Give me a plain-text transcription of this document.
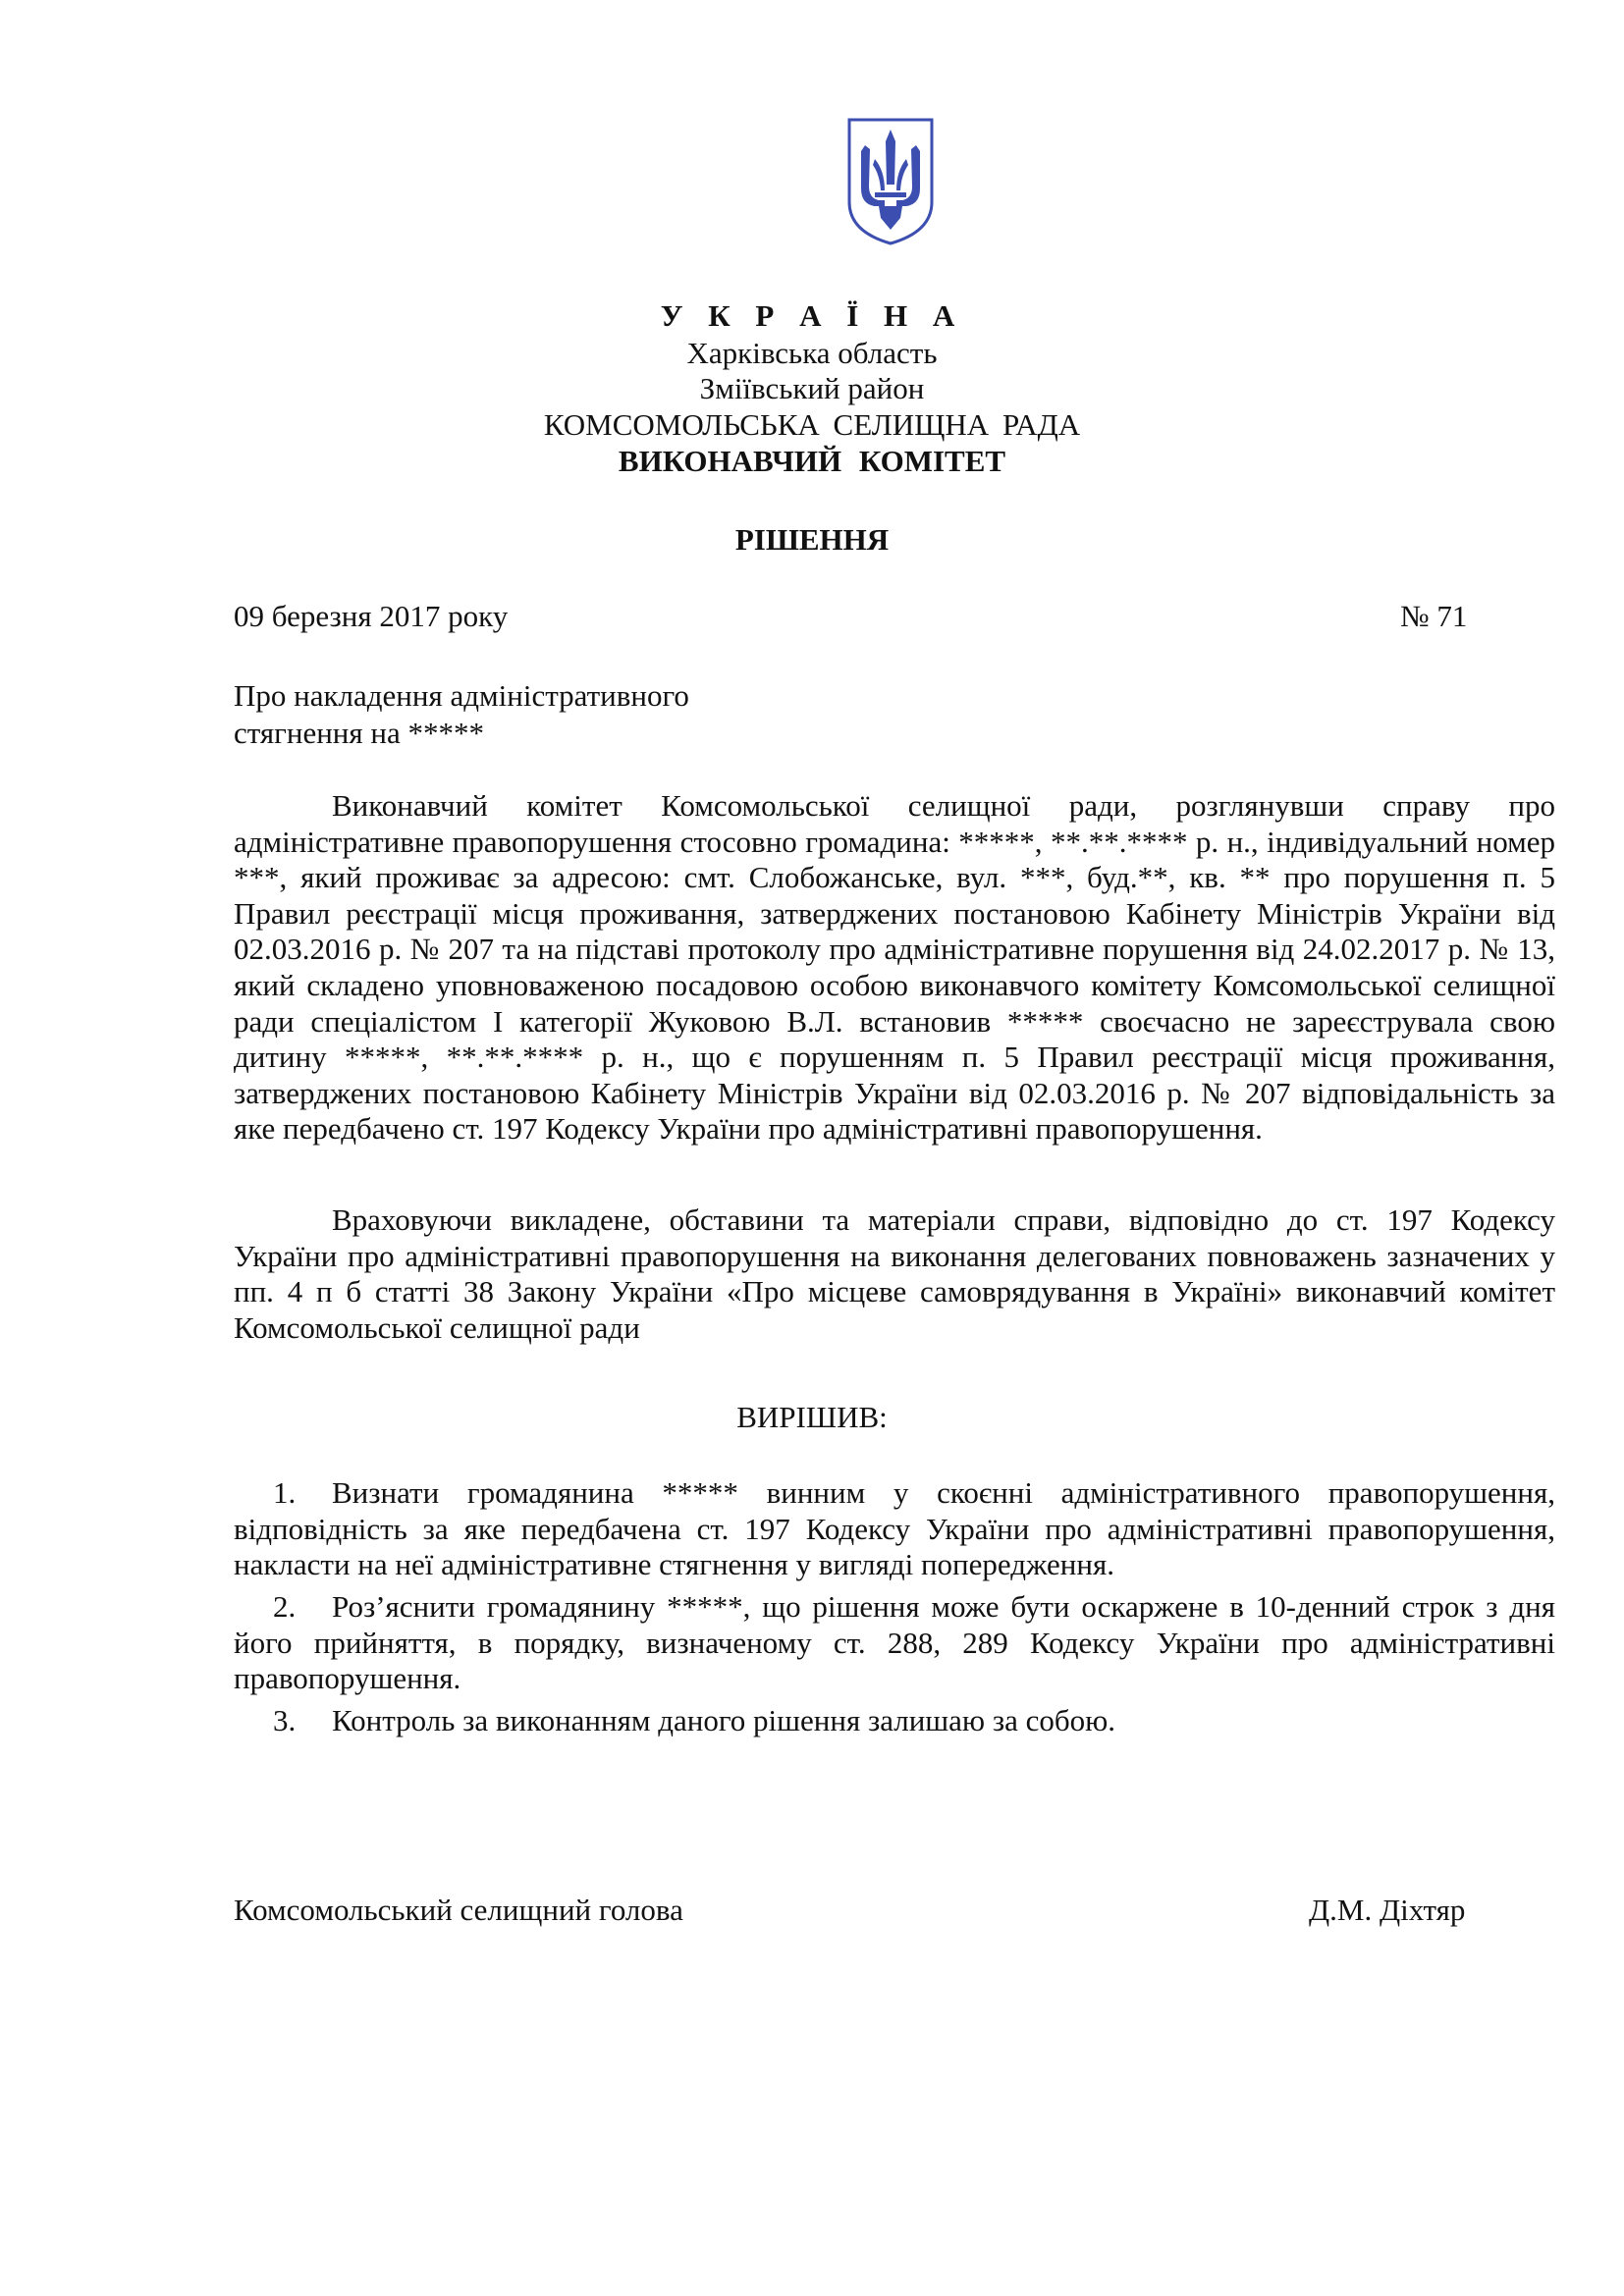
У К Р А Ї Н А
Харківська область
Зміївський район
КОМСОМОЛЬСЬКА СЕЛИЩНА РАДА
ВИКОНАВЧИЙ КОМІТЕТ
РІШЕННЯ
09 березня 2017 року	№ 71
Про накладення адміністративного
стягнення на *****

Виконавчий комітет Комсомольської селищної ради, розглянувши справу про адміністративне правопорушення стосовно громадина: *****, **.**.**** р. н., індивідуальний номер ***, який проживає за адресою: смт. Слобожанське, вул. ***, буд.**, кв. ** про порушення п. 5 Правил реєстрації місця проживання, затверджених постановою Кабінету Міністрів України від 02.03.2016 р. № 207 та на підставі протоколу про адміністративне порушення від 24.02.2017 р. № 13, який складено уповноваженою посадовою особою виконавчого комітету Комсомольської селищної ради спеціалістом І категорії Жуковою В.Л. встановив ***** своєчасно не зареєструвала свою дитину *****, **.**.**** р. н., що є порушенням п. 5 Правил реєстрації місця проживання, затверджених постановою Кабінету Міністрів України від 02.03.2016 р. № 207 відповідальність за яке передбачено ст. 197 Кодексу України про адміністративні правопорушення.

Враховуючи викладене, обставини та матеріали справи, відповідно до ст. 197 Кодексу України про адміністративні правопорушення на виконання делегованих повноважень зазначених у пп. 4 п б статті 38 Закону України «Про місцеве самоврядування в Україні» виконавчий комітет Комсомольської селищної ради

ВИРІШИВ:

1. Визнати громадянина ***** винним у скоєнні адміністративного правопорушення, відповідність за яке передбачена ст. 197 Кодексу України про адміністративні правопорушення, накласти на неї адміністративне стягнення у вигляді попередження.

2. Роз’яснити громадянину *****, що рішення може бути оскаржене в 10-денний строк з дня його прийняття, в порядку, визначеному ст. 288, 289 Кодексу України про адміністративні правопорушення.

3. Контроль за виконанням даного рішення залишаю за собою.

Комсомольський селищний голова	Д.М. Діхтяр
